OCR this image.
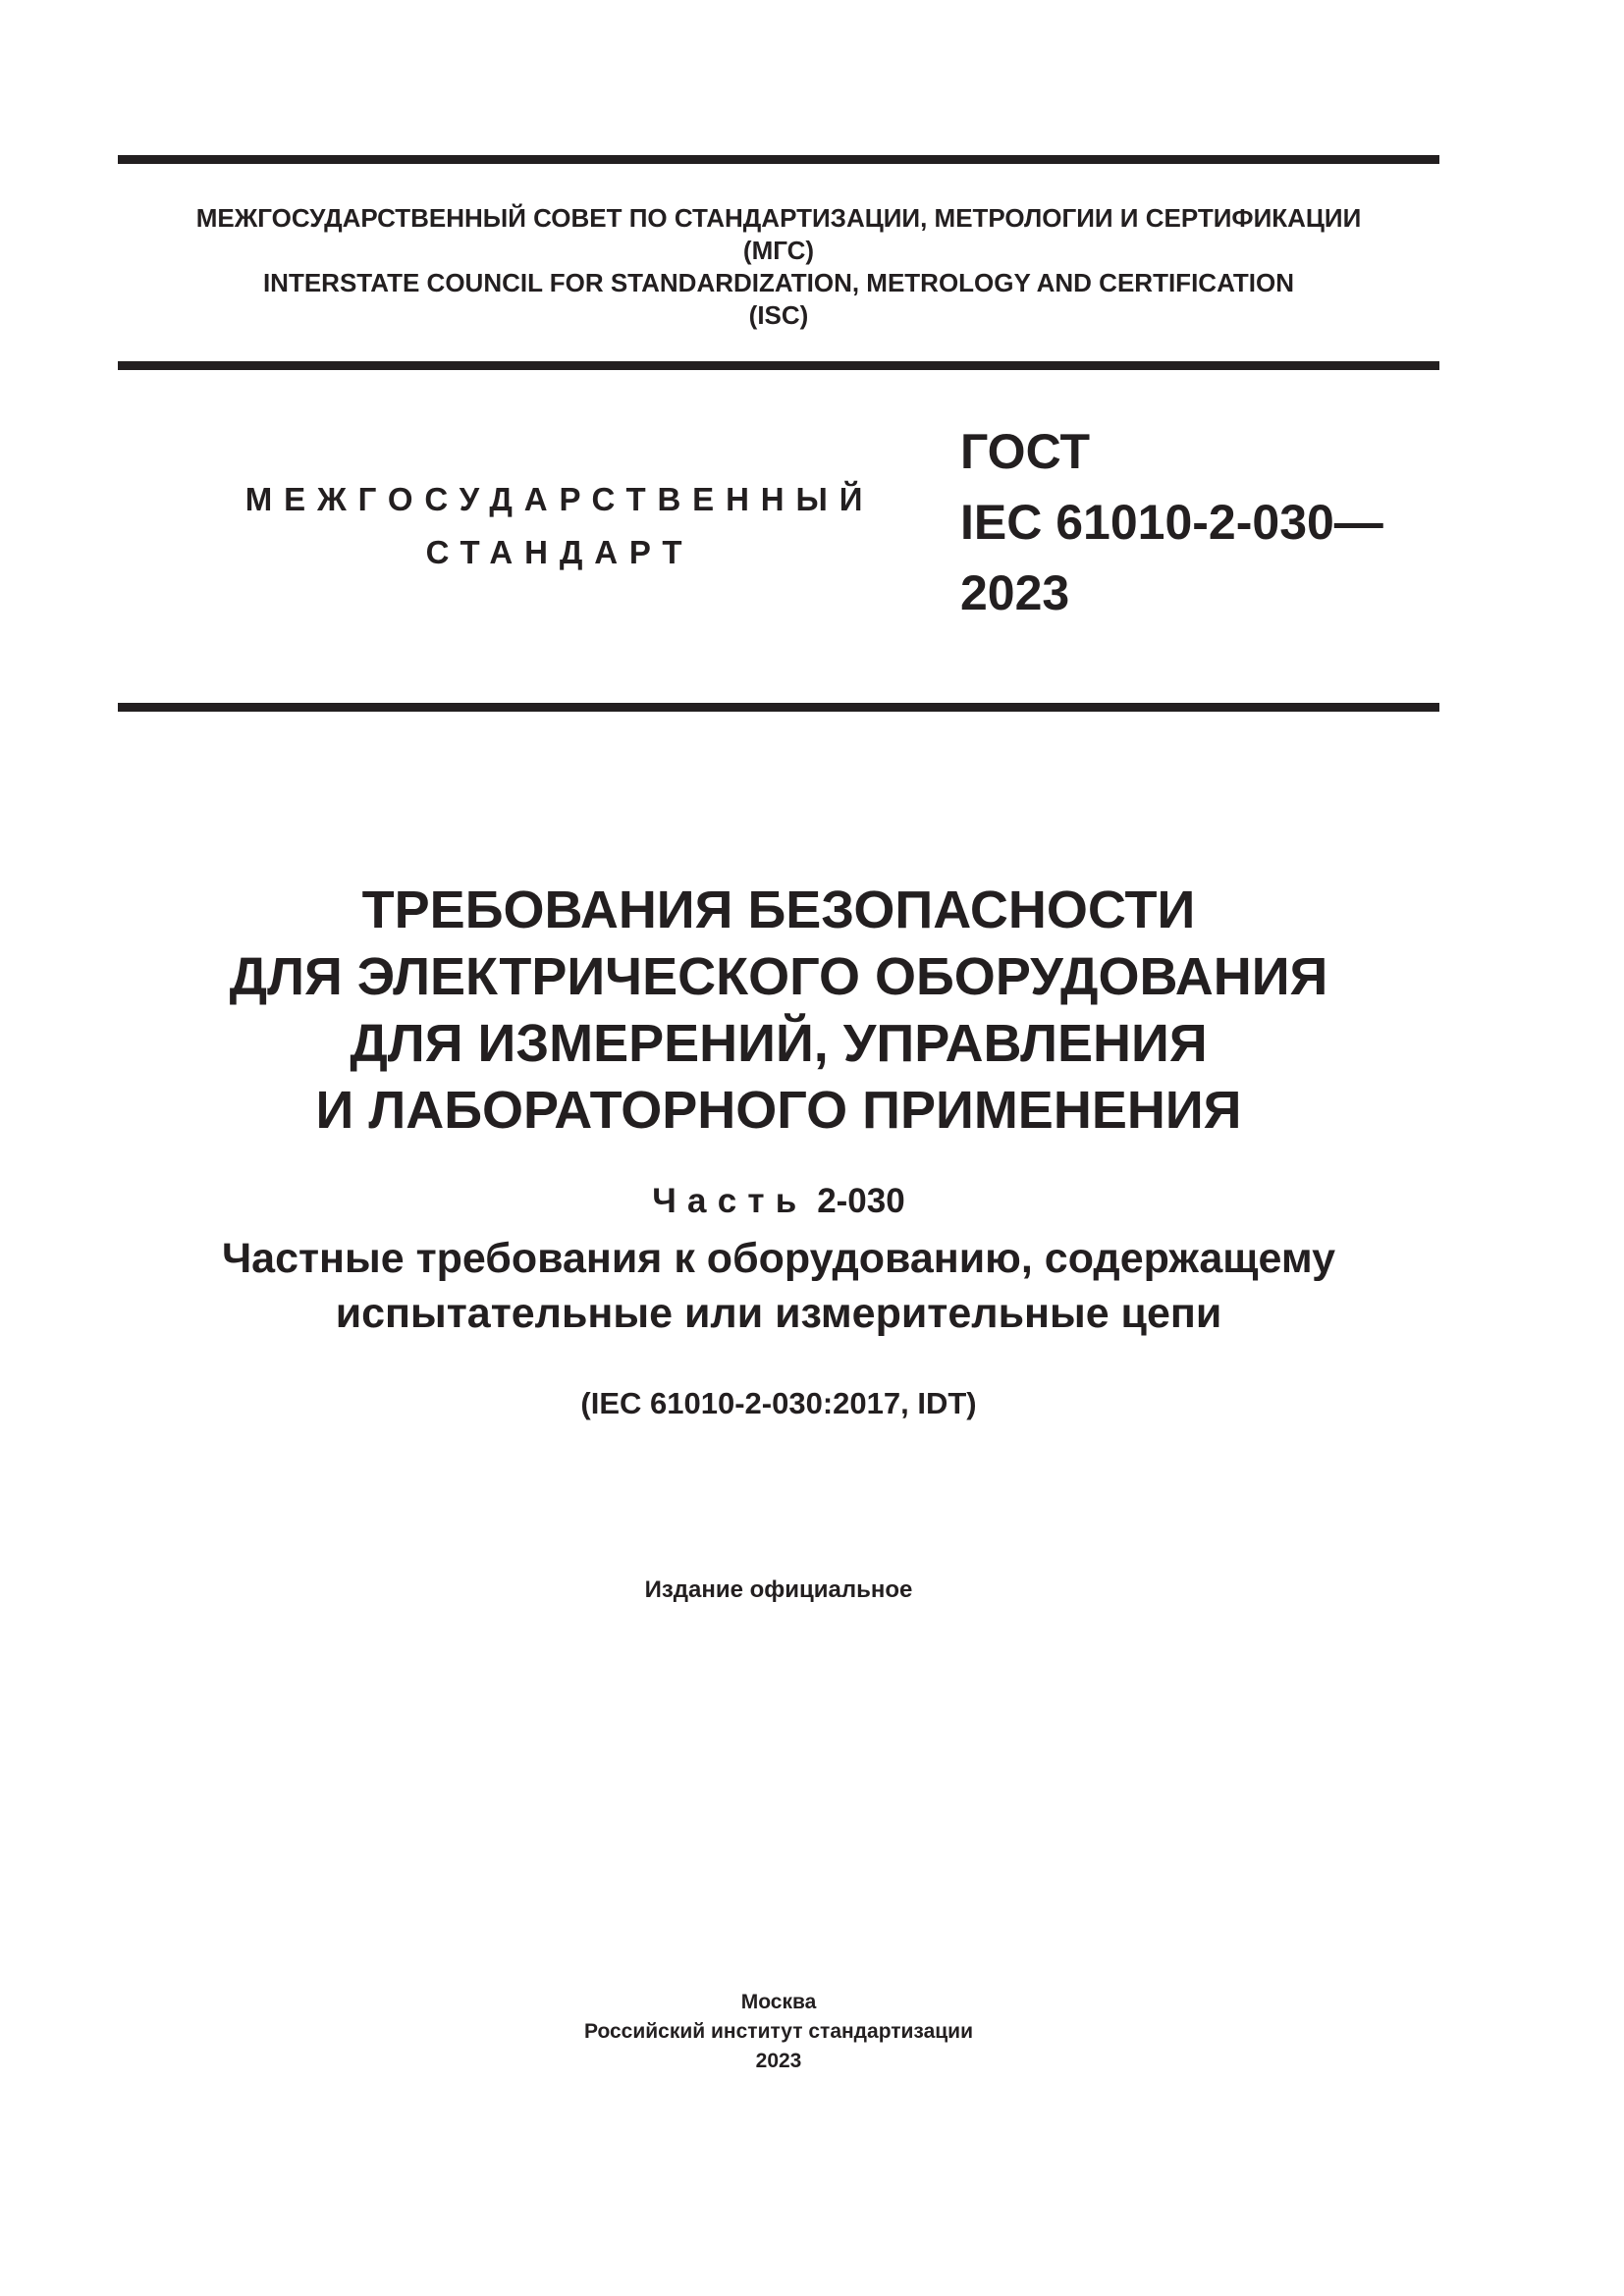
МЕЖГОСУДАРСТВЕННЫЙ СОВЕТ ПО СТАНДАРТИЗАЦИИ, МЕТРОЛОГИИ И СЕРТИФИКАЦИИ
(МГС)
INTERSTATE COUNCIL FOR STANDARDIZATION, METROLOGY AND CERTIFICATION
(ISC)
МЕЖГОСУДАРСТВЕННЫЙ
СТАНДАРТ
ГОСТ
IEC 61010-2-030—
2023
ТРЕБОВАНИЯ БЕЗОПАСНОСТИ
ДЛЯ ЭЛЕКТРИЧЕСКОГО ОБОРУДОВАНИЯ
ДЛЯ ИЗМЕРЕНИЙ, УПРАВЛЕНИЯ
И ЛАБОРАТОРНОГО ПРИМЕНЕНИЯ
Часть 2-030
Частные требования к оборудованию, содержащему
испытательные или измерительные цепи
(IEC 61010-2-030:2017, IDT)
Издание официальное
Москва
Российский институт стандартизации
2023
